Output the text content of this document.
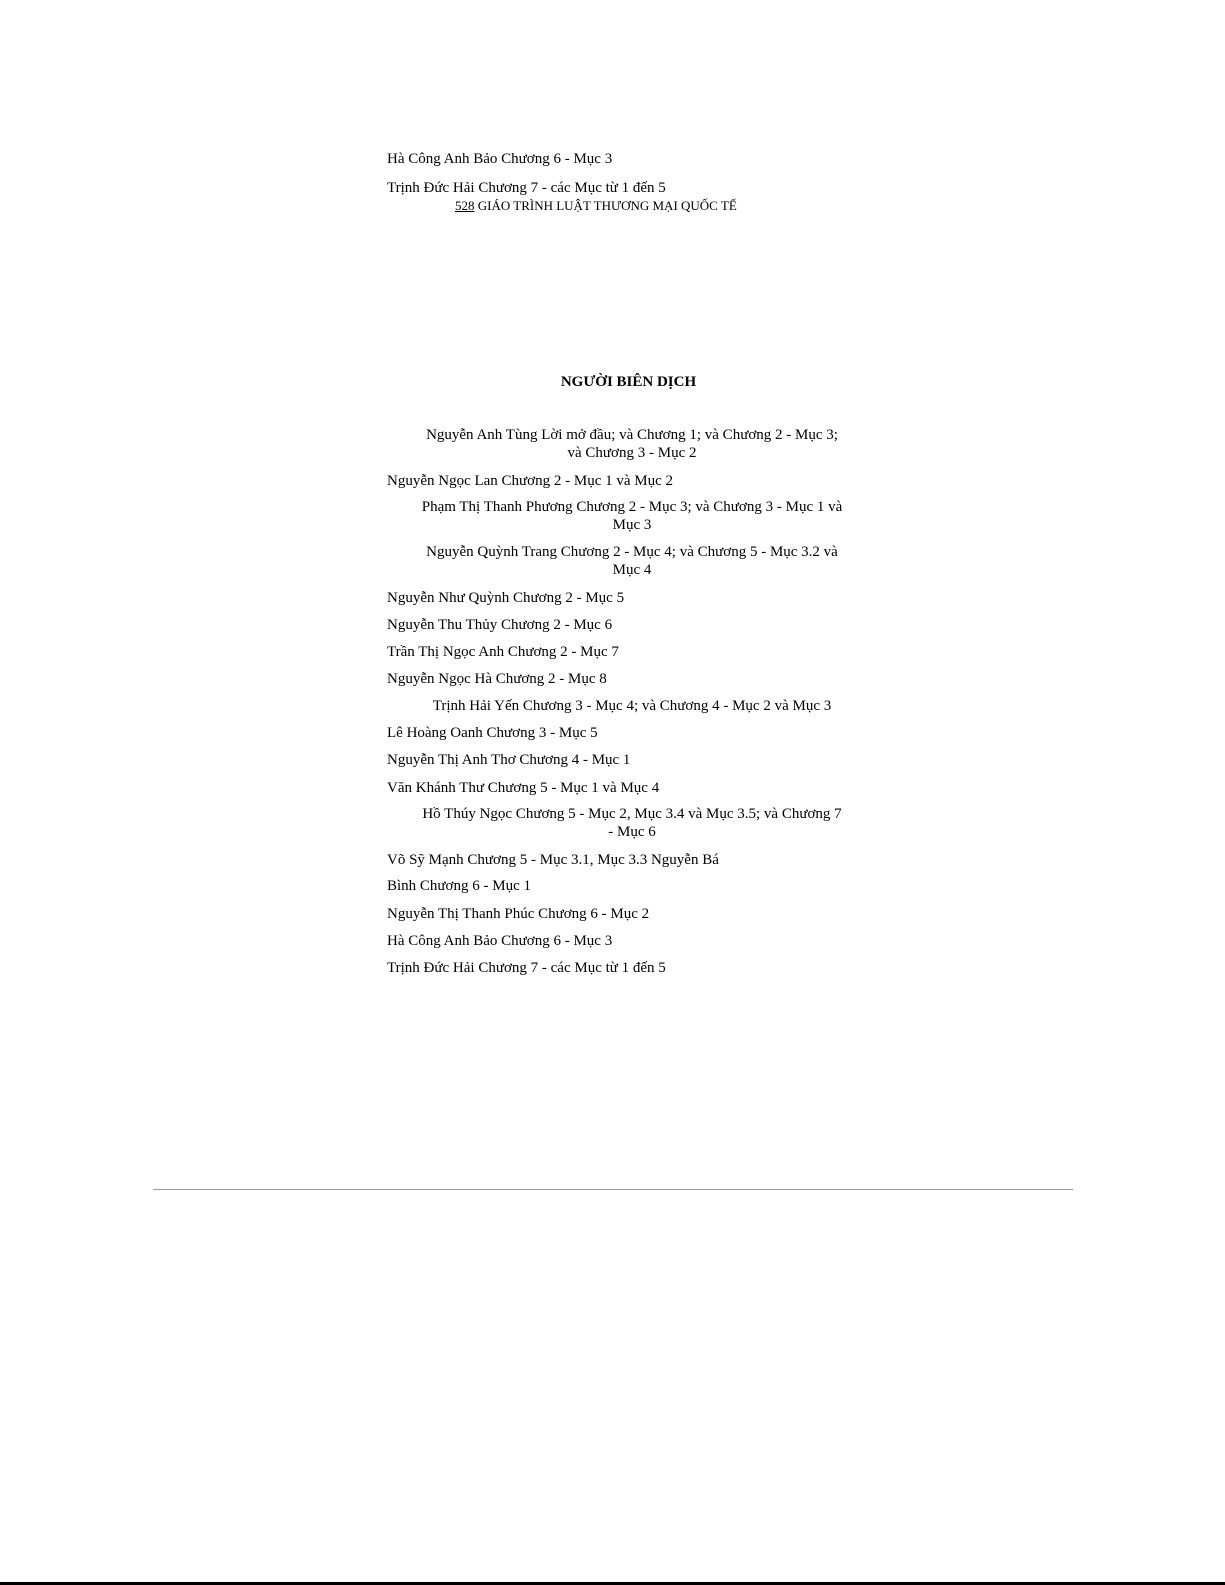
Hà Công Anh Bảo Chương 6 - Mục 3
Trịnh Đức Hải Chương 7 - các Mục từ 1 đến 5
528 GIÁO TRÌNH LUẬT THƯƠNG MẠI QUỐC TẾ
NGƯỜI BIÊN DỊCH
Nguyễn Anh Tùng Lời mở đầu; và Chương 1; và Chương 2 - Mục 3;
và Chương 3 - Mục 2
Nguyễn Ngọc Lan Chương 2 - Mục 1 và Mục 2
Phạm Thị Thanh Phương Chương 2 - Mục 3; và Chương 3 - Mục 1 và
Mục 3
Nguyễn Quỳnh Trang Chương 2 - Mục 4; và Chương 5 - Mục 3.2 và
Mục 4
Nguyễn Như Quỳnh Chương 2 - Mục 5
Nguyễn Thu Thủy Chương 2 - Mục 6
Trần Thị Ngọc Anh Chương 2 - Mục 7
Nguyễn Ngọc Hà Chương 2 - Mục 8
Trịnh Hải Yến Chương 3 - Mục 4; và Chương 4 - Mục 2 và Mục 3
Lê Hoàng Oanh Chương 3 - Mục 5
Nguyễn Thị Anh Thơ Chương 4 - Mục 1
Văn Khánh Thư Chương 5 - Mục 1 và Mục 4
Hồ Thúy Ngọc Chương 5 - Mục 2, Mục 3.4 và Mục 3.5; và Chương 7
- Mục 6
Võ Sỹ Mạnh Chương 5 - Mục 3.1, Mục 3.3 Nguyễn Bá
Bình Chương 6 - Mục 1
Nguyễn Thị Thanh Phúc Chương 6 - Mục 2
Hà Công Anh Bảo Chương 6 - Mục 3
Trịnh Đức Hải Chương 7 - các Mục từ 1 đến 5
